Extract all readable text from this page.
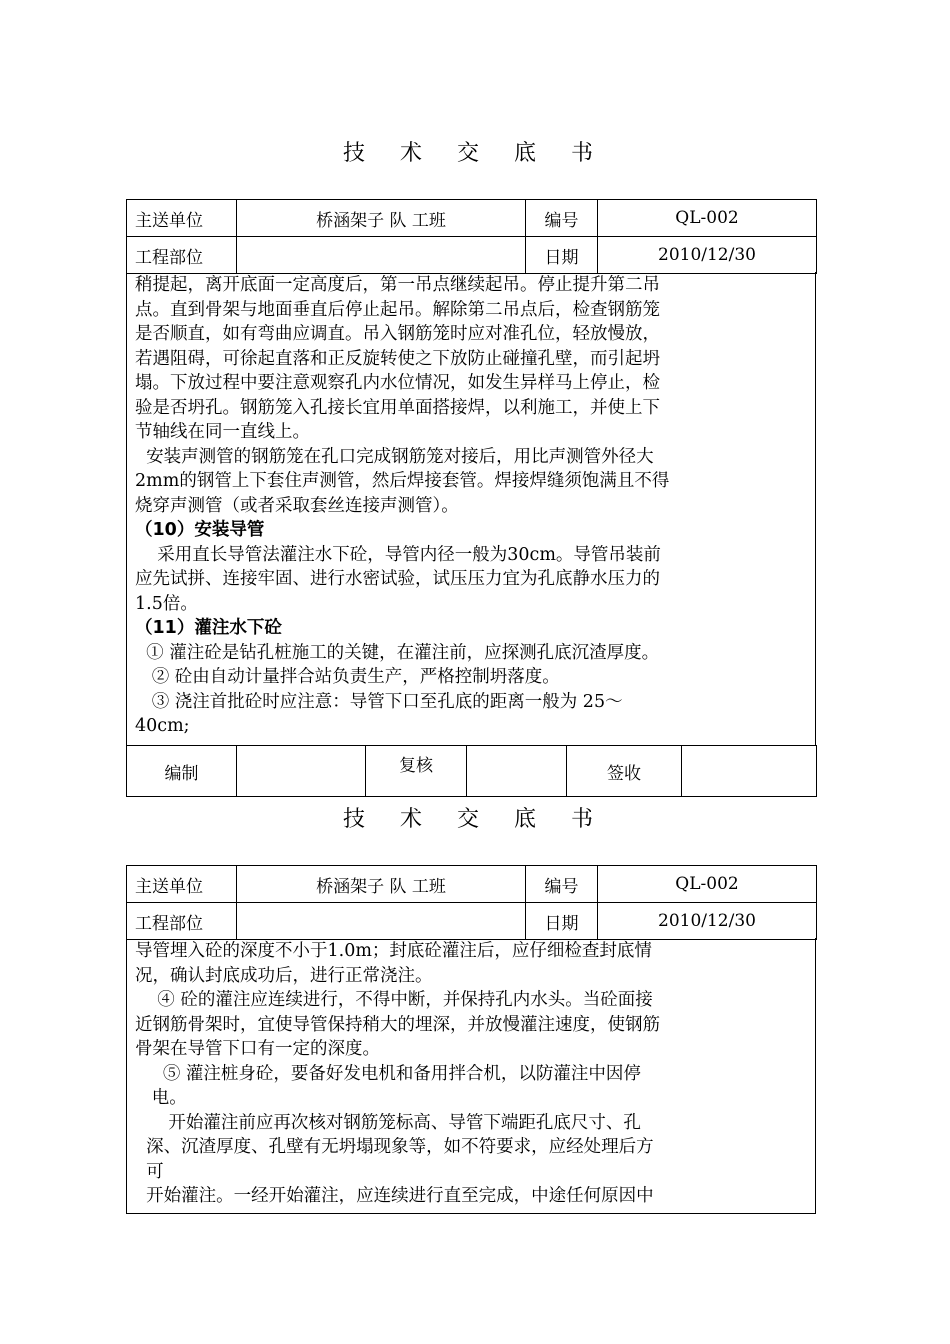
技 术 交 底 书
主送单位	桥涵架子 队 工班	编号	QL-002
工程部位		日期	2010/12/30

稍提起，离开底面一定高度后，第一吊点继续起吊。停止提升第二吊

点。直到骨架与地面垂直后停止起吊。解除第二吊点后，检查钢筋笼

是否顺直，如有弯曲应调直。吊入钢筋笼时应对准孔位，轻放慢放，

若遇阻碍，可徐起直落和正反旋转使之下放防止碰撞孔壁，而引起坍

塌。下放过程中要注意观察孔内水位情况，如发生异样马上停止，检

验是否坍孔。钢筋笼入孔接长宜用单面搭接焊，以利施工，并使上下

节轴线在同一直线上。

安装声测管的钢筋笼在孔口完成钢筋笼对接后，用比声测管外径大

2mm的钢管上下套住声测管，然后焊接套管。焊接焊缝须饱满且不得

烧穿声测管（或者采取套丝连接声测管）。

（10）安装导管

采用直长导管法灌注水下砼，导管内径一般为30cm。导管吊装前

应先试拼、连接牢固、进行水密试验，试压压力宜为孔底静水压力的

1.5倍。

（11）灌注水下砼

① 灌注砼是钻孔桩施工的关键，在灌注前，应探测孔底沉渣厚度。

② 砼由自动计量拌合站负责生产，严格控制坍落度。

③ 浇注首批砼时应注意：导管下口至孔底的距离一般为 25～

40cm;

编制		复核		签收	
技 术 交 底 书
主送单位	桥涵架子 队 工班	编号	QL-002
工程部位		日期	2010/12/30

导管埋入砼的深度不小于1.0m；封底砼灌注后，应仔细检查封底情

况，确认封底成功后，进行正常浇注。

④ 砼的灌注应连续进行，不得中断，并保持孔内水头。当砼面接

近钢筋骨架时，宜使导管保持稍大的埋深，并放慢灌注速度，使钢筋

骨架在导管下口有一定的深度。

⑤ 灌注桩身砼，要备好发电机和备用拌合机，以防灌注中因停

电。

开始灌注前应再次核对钢筋笼标高、导管下端距孔底尺寸、孔

深、沉渣厚度、孔壁有无坍塌现象等，如不符要求，应经处理后方

可

开始灌注。一经开始灌注，应连续进行直至完成，中途任何原因中
